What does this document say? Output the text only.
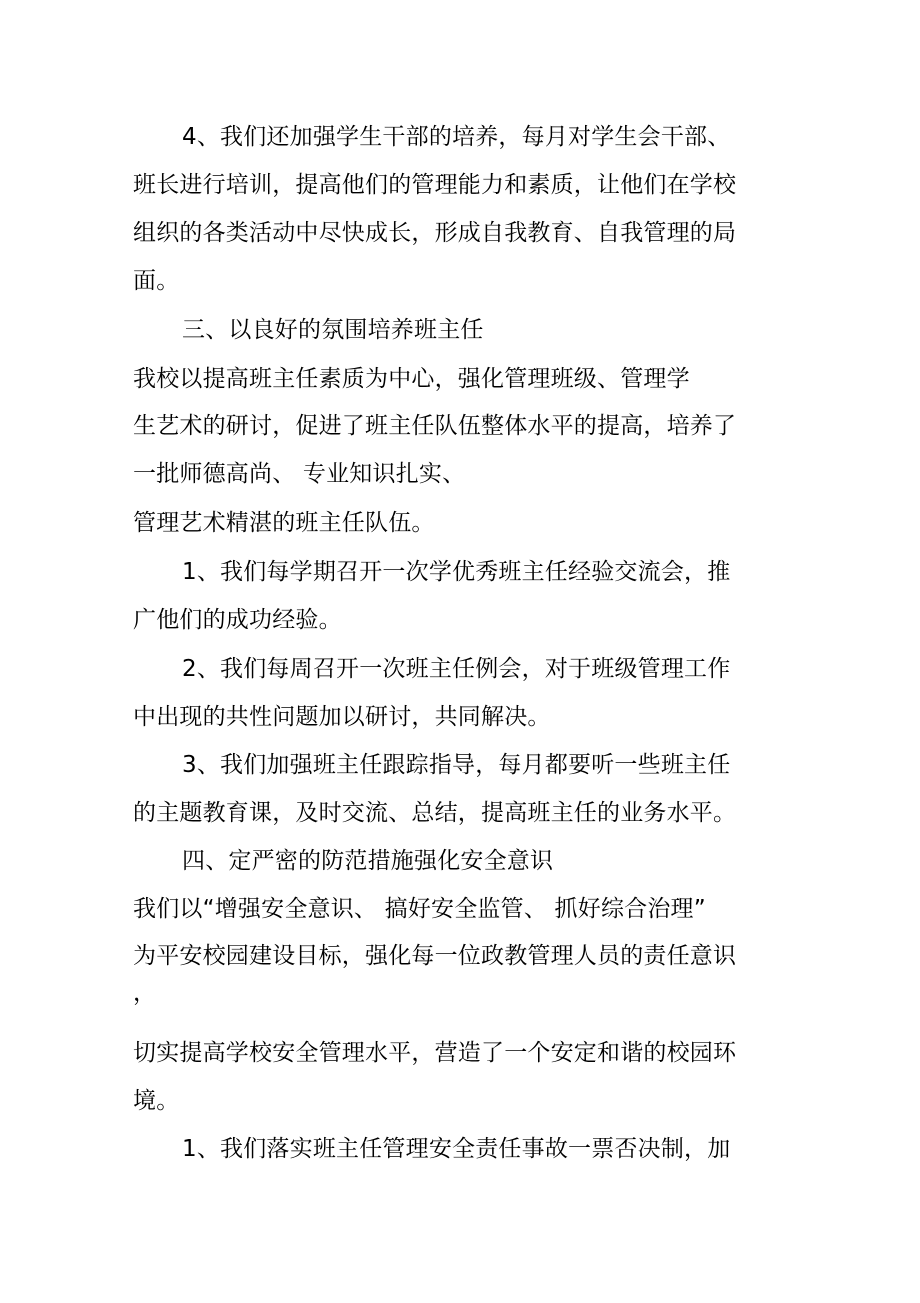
4、我们还加强学生干部的培养，每月对学生会干部、
班长进行培训，提高他们的管理能力和素质，让他们在学校
组织的各类活动中尽快成长，形成自我教育、自我管理的局
面。
三、以良好的氛围培养班主任
我校以提高班主任素质为中心，强化管理班级、管理学
生艺术的研讨，促进了班主任队伍整体水平的提高，培养了
一批师德高尚、 专业知识扎实、
管理艺术精湛的班主任队伍。
1、我们每学期召开一次学优秀班主任经验交流会，推
广他们的成功经验。
2、我们每周召开一次班主任例会，对于班级管理工作
中出现的共性问题加以研讨，共同解决。
3、我们加强班主任跟踪指导，每月都要听一些班主任
的主题教育课，及时交流、总结，提高班主任的业务水平。
四、定严密的防范措施强化安全意识
我们以“增强安全意识、 搞好安全监管、 抓好综合治理”
为平安校园建设目标，强化每一位政教管理人员的责任意识
，
切实提高学校安全管理水平，营造了一个安定和谐的校园环
境。
1、我们落实班主任管理安全责任事故一票否决制，加
